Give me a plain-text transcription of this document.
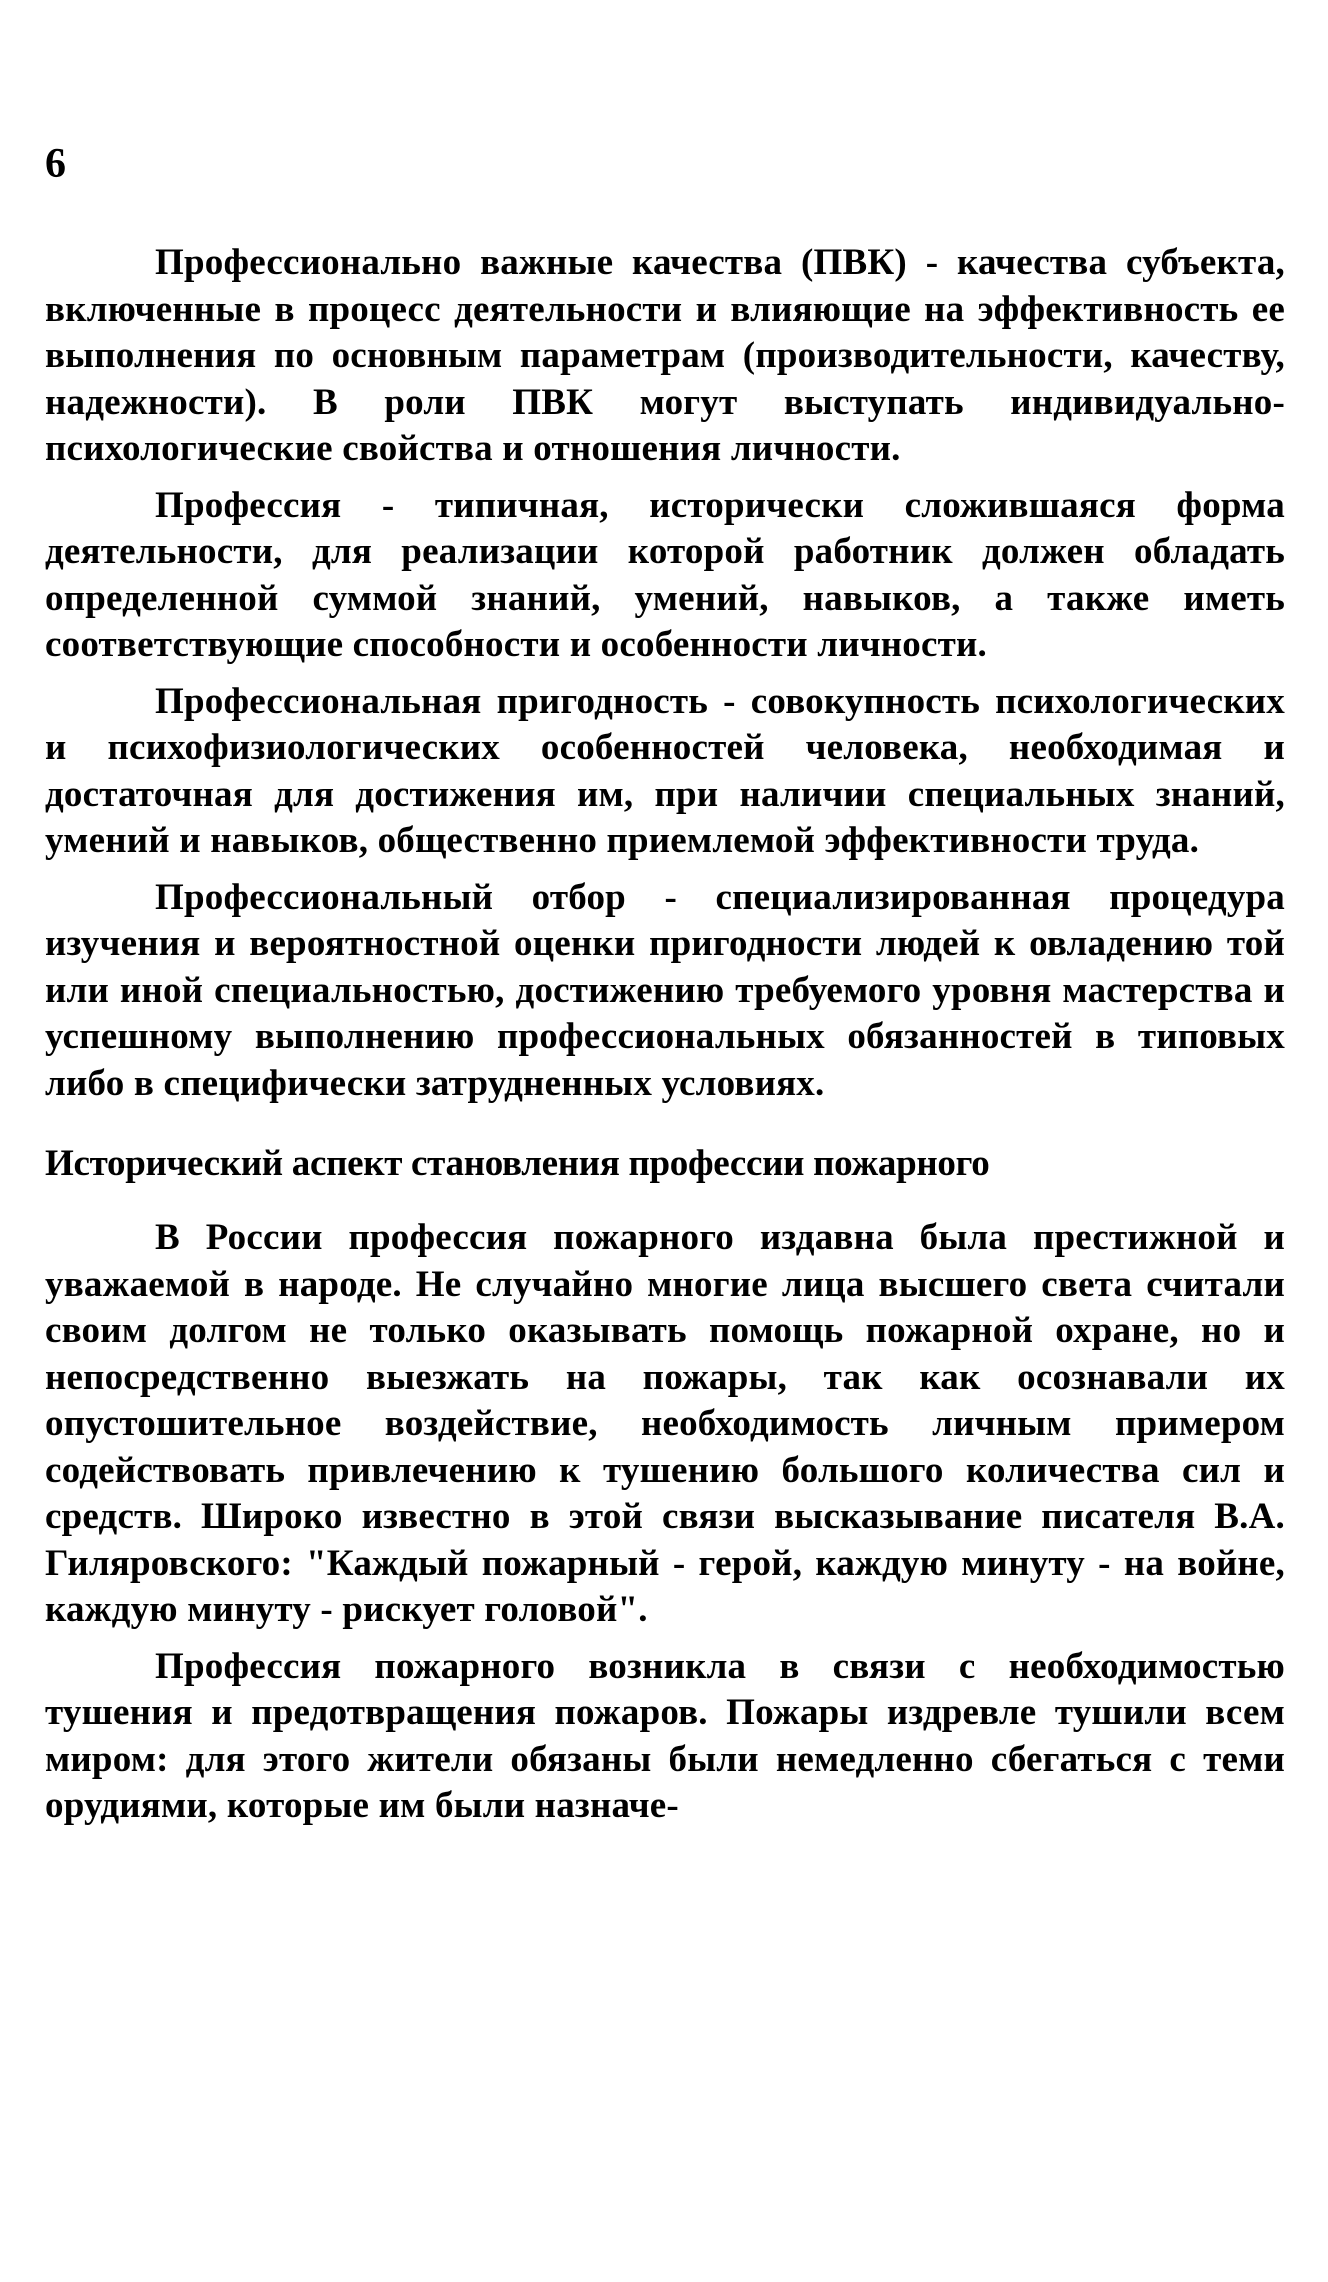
6

Профессионально важные качества (ПВК) - качества субъекта, включенные в процесс деятельности и влияющие на эффективность ее выполнения по основным параметрам (производительности, качеству, надежности). В роли ПВК могут выступать индивидуально-психологические свойства и отношения личности.

Профессия - типичная, исторически сложившаяся форма деятельности, для реализации которой работник должен обладать определенной суммой знаний, умений, навыков, а также иметь соответствующие способности и особенности личности.

Профессиональная пригодность - совокупность психологических и психофизиологических особенностей человека, необходимая и достаточная для достижения им, при наличии специальных знаний, умений и навыков, общественно приемлемой эффективности труда.

Профессиональный отбор - специализированная процедура изучения и вероятностной оценки пригодности людей к овладению той или иной специальностью, достижению требуемого уровня мастерства и успешному выполнению профессиональных обязанностей в типовых либо в специфически затрудненных условиях.

Исторический аспект становления профессии пожарного

В России профессия пожарного издавна была престижной и уважаемой в народе. Не случайно многие лица высшего света считали своим долгом не только оказывать помощь пожарной охране, но и непосредственно выезжать на пожары, так как осознавали их опустошительное воздействие, необходимость личным примером содействовать привлечению к тушению большого количества сил и средств. Широко известно в этой связи высказывание писателя В.А. Гиляровского: "Каждый пожарный - герой, каждую минуту - на войне, каждую минуту - рискует головой".

Профессия пожарного возникла в связи с необходимостью тушения и предотвращения пожаров. Пожары издревле тушили всем миром: для этого жители обязаны были немедленно сбегаться с теми орудиями, которые им были назначе-
